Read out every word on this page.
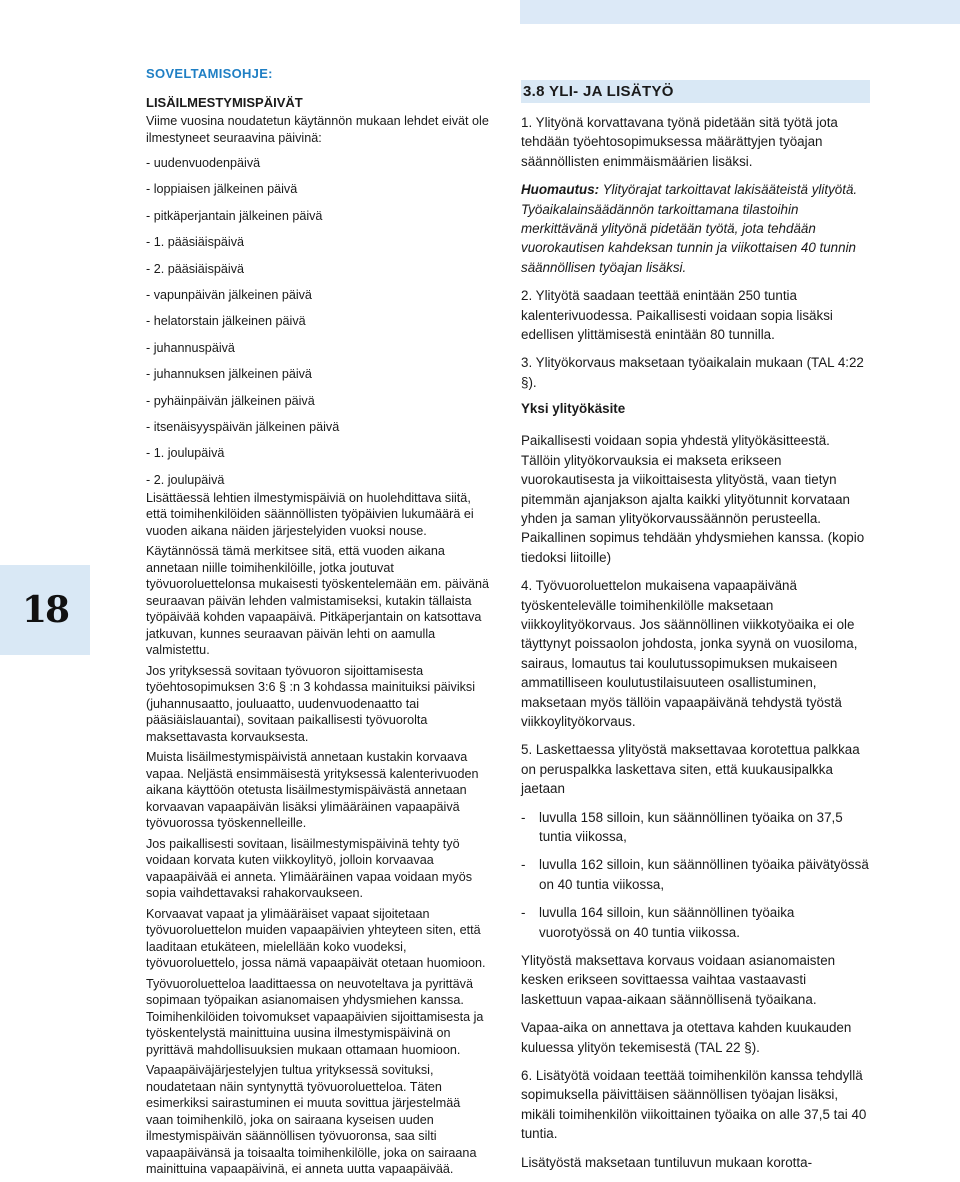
18
SOVELTAMISOHJE:
LISÄILMESTYMISPÄIVÄT

Viime vuosina noudatetun käytännön mukaan lehdet eivät ole ilmestyneet seuraavina päivinä:

- uudenvuodenpäivä
- loppiaisen jälkeinen päivä
- pitkäperjantain jälkeinen päivä
- 1. pääsiäispäivä
- 2. pääsiäispäivä
- vapunpäivän jälkeinen päivä
- helatorstain jälkeinen päivä
- juhannuspäivä
- juhannuksen jälkeinen päivä
- pyhäinpäivän jälkeinen päivä
- itsenäisyyspäivän jälkeinen päivä
- 1. joulupäivä
- 2. joulupäivä

Lisättäessä lehtien ilmestymispäiviä on huolehdittava siitä, että toimihenkilöiden säännöllisten työpäivien lukumäärä ei vuoden aikana näiden järjestelyiden vuoksi nouse.

Käytännössä tämä merkitsee sitä, että vuoden aikana annetaan niille toimihenkilöille, jotka joutuvat työvuoroluettelonsa mukaisesti työskentelemään em. päivänä seuraavan päivän lehden valmistamiseksi, kutakin tällaista työpäivää kohden vapaapäivä. Pitkäperjantain on katsottava jatkuvan, kunnes seuraavan päivän lehti on aamulla valmistettu.

Jos yrityksessä sovitaan työvuoron sijoittamisesta työehtosopimuksen 3:6 § :n 3 kohdassa mainituiksi päiviksi (juhannusaatto, jouluaatto, uudenvuodenaatto tai pääsiäislauantai), sovitaan paikallisesti työvuorolta maksettavasta korvauksesta.

Muista lisäilmestymispäivistä annetaan kustakin korvaava vapaa. Neljästä ensimmäisestä yrityksessä kalenterivuoden aikana käyttöön otetusta lisäilmestymispäivästä annetaan korvaavan vapaapäivän lisäksi ylimääräinen vapaapäivä työvuorossa työskennelleille.

Jos paikallisesti sovitaan, lisäilmestymispäivinä tehty työ voidaan korvata kuten viikkoylityö, jolloin korvaavaa vapaapäivää ei anneta. Ylimääräinen vapaa voidaan myös sopia vaihdettavaksi rahakorvaukseen.

Korvaavat vapaat ja ylimääräiset vapaat sijoitetaan työvuoroluettelon muiden vapaapäivien yhteyteen siten, että laaditaan etukäteen, mielellään koko vuodeksi, työvuoroluettelo, jossa nämä vapaapäivät otetaan huomioon.

Työvuoroluetteloa laadittaessa on neuvoteltava ja pyrittävä sopimaan työpaikan asianomaisen yhdysmiehen kanssa. Toimihenkilöiden toivomukset vapaapäivien sijoittamisesta ja työskentelystä mainittuina uusina ilmestymispäivinä on pyrittävä mahdollisuuksien mukaan ottamaan huomioon.

Vapaapäiväjärjestelyjen tultua yrityksessä sovituksi, noudatetaan näin syntynyttä työvuoroluetteloa. Täten esimerkiksi sairastuminen ei muuta sovittua järjestelmää vaan toimihenkilö, joka on sairaana kyseisen uuden ilmestymispäivän säännöllisen työvuoronsa, saa silti vapaapäivänsä ja toisaalta toimihenkilölle, joka on sairaana mainittuina vapaapäivinä, ei anneta uutta vapaapäivää.

3.8 YLI- JA LISÄTYÖ

1. Ylityönä korvattavana työnä pidetään sitä työtä jota tehdään työehtosopimuksessa määrättyjen työajan säännöllisten enimmäismäärien lisäksi.

Huomautus: Ylityörajat tarkoittavat lakisääteistä ylityötä. Työaikalainsäädännön tarkoittamana tilastoihin merkittävänä ylityönä pidetään työtä, jota tehdään vuorokautisen kahdeksan tunnin ja viikottaisen 40 tunnin säännöllisen työajan lisäksi.

2. Ylityötä saadaan teettää enintään 250 tuntia kalenterivuodessa. Paikallisesti voidaan sopia lisäksi edellisen ylittämisestä enintään 80 tunnilla.

3. Ylityökorvaus maksetaan työaikalain mukaan (TAL 4:22 §).

Yksi ylityökäsite

Paikallisesti voidaan sopia yhdestä ylityökäsitteestä. Tällöin ylityökorvauksia ei makseta erikseen vuorokautisesta ja viikoittaisesta ylityöstä, vaan tietyn pitemmän ajanjakson ajalta kaikki ylityötunnit korvataan yhden ja saman ylityökorvaussäännön perusteella. Paikallinen sopimus tehdään yhdysmiehen kanssa. (kopio tiedoksi liitoille)

4. Työvuoroluettelon mukaisena vapaapäivänä työskentelevälle toimihenkilölle maksetaan viikkoylityökorvaus. Jos säännöllinen viikkotyöaika ei ole täyttynyt poissaolon johdosta, jonka syynä on vuosiloma, sairaus, lomautus tai koulutussopimuksen mukaiseen ammatilliseen koulutustilaisuuteen osallistuminen, maksetaan myös tällöin vapaapäivänä tehdystä työstä viikkoylityökorvaus.

5. Laskettaessa ylityöstä maksettavaa korotettua palkkaa on peruspalkka laskettava siten, että kuukausipalkka jaetaan

-	luvulla 158 silloin, kun säännöllinen työaika on 37,5 tuntia viikossa,
-	luvulla 162 silloin, kun säännöllinen työaika päivätyössä on 40 tuntia viikossa,
-	luvulla 164 silloin, kun säännöllinen työaika vuorotyössä on 40 tuntia viikossa.

Ylityöstä maksettava korvaus voidaan asianomaisten kesken erikseen sovittaessa vaihtaa vastaavasti laskettuun vapaa-aikaan säännöllisenä työaikana.

Vapaa-aika on annettava ja otettava kahden kuukauden kuluessa ylityön tekemisestä (TAL 22 §).

6. Lisätyötä voidaan teettää toimihenkilön kanssa tehdyllä sopimuksella päivittäisen säännöllisen työajan lisäksi, mikäli toimihenkilön viikoittainen työaika on alle 37,5 tai 40 tuntia.

Lisätyöstä maksetaan tuntiluvun mukaan korotta-
